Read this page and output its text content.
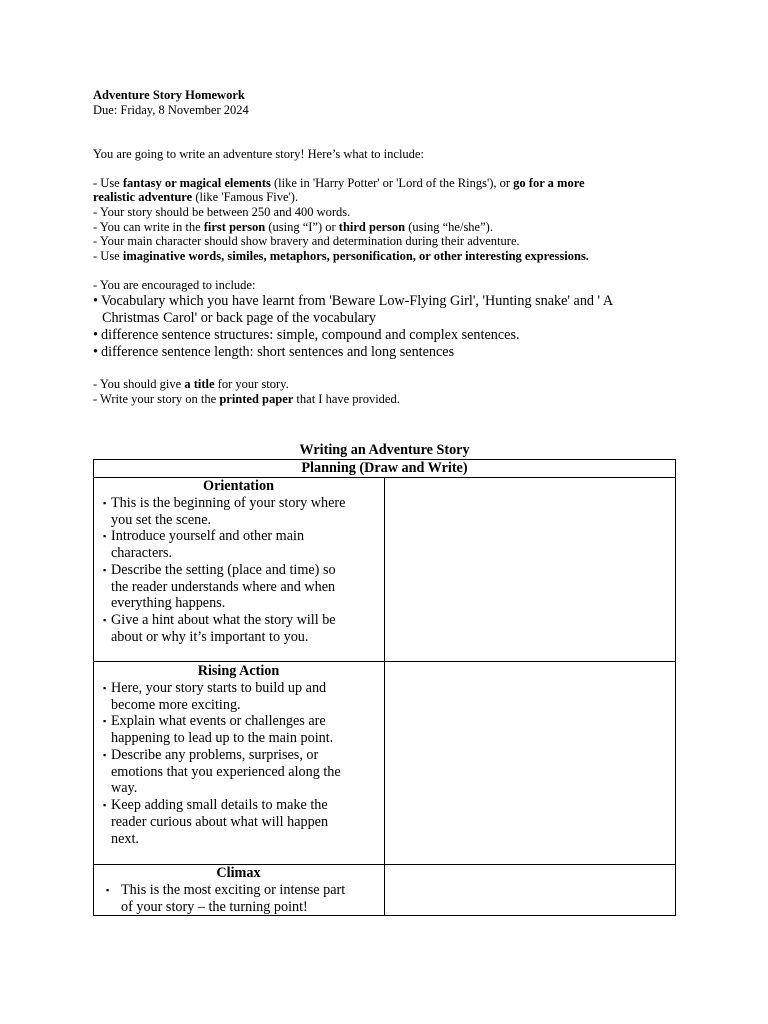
Adventure Story Homework
Due: Friday, 8 November 2024
You are going to write an adventure story! Here’s what to include:
- Use fantasy or magical elements (like in 'Harry Potter' or 'Lord of the Rings'), or go for a more
realistic adventure (like 'Famous Five').
- Your story should be between 250 and 400 words.
- You can write in the first person (using “I”) or third person (using “he/she”).
- Your main character should show bravery and determination during their adventure.
- Use imaginative words, similes, metaphors, personification, or other interesting expressions.
- You are encouraged to include:
• Vocabulary which you have learnt from 'Beware Low-Flying Girl', 'Hunting snake' and ' A
Christmas Carol' or back page of the vocabulary
• difference sentence structures: simple, compound and complex sentences.
• difference sentence length: short sentences and long sentences
- You should give a title for your story.
- Write your story on the printed paper that I have provided.
Writing an Adventure Story
Planning (Draw and Write)
Orientation
▪ This is the beginning of your story where
you set the scene.
▪ Introduce yourself and other main
characters.
▪ Describe the setting (place and time) so
the reader understands where and when
everything happens.
▪ Give a hint about what the story will be
about or why it’s important to you.
Rising Action
▪ Here, your story starts to build up and
become more exciting.
▪ Explain what events or challenges are
happening to lead up to the main point.
▪ Describe any problems, surprises, or
emotions that you experienced along the
way.
▪ Keep adding small details to make the
reader curious about what will happen
next.
Climax
▪ This is the most exciting or intense part
of your story – the turning point!
